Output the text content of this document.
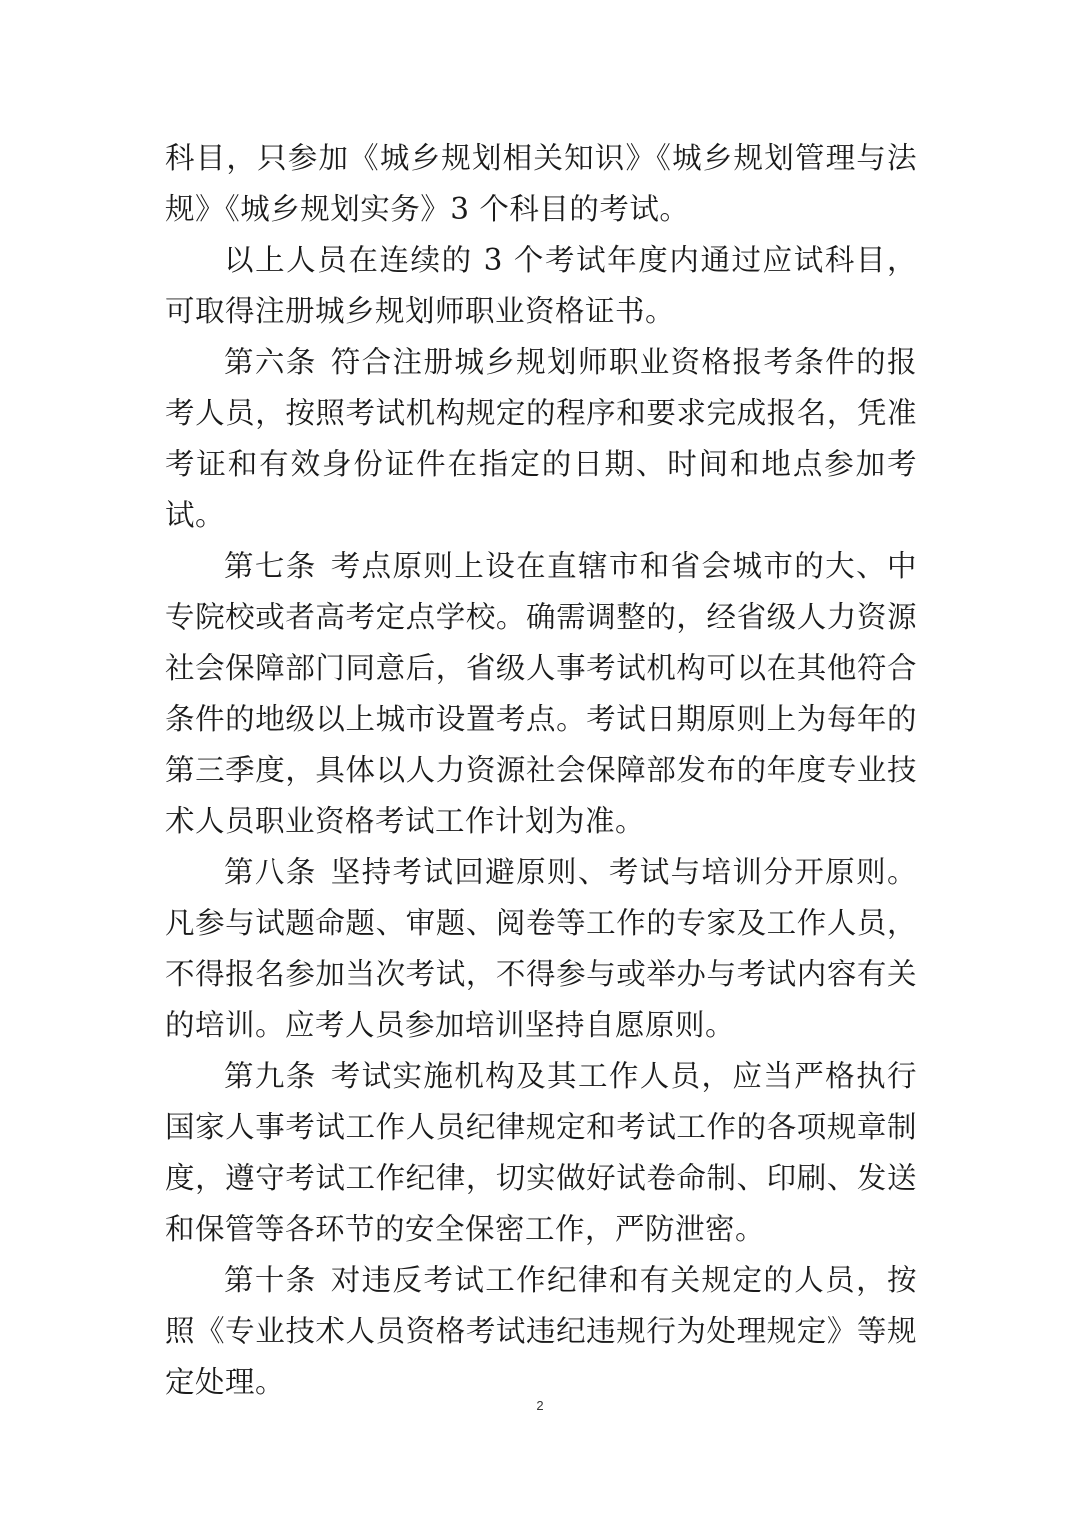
科目，只参加《城乡规划相关知识》《城乡规划管理与法规》《城乡规划实务》3 个科目的考试。

以上人员在连续的 3 个考试年度内通过应试科目，可取得注册城乡规划师职业资格证书。

第六条 符合注册城乡规划师职业资格报考条件的报考人员，按照考试机构规定的程序和要求完成报名，凭准考证和有效身份证件在指定的日期、时间和地点参加考试。

第七条 考点原则上设在直辖市和省会城市的大、中专院校或者高考定点学校。确需调整的，经省级人力资源社会保障部门同意后，省级人事考试机构可以在其他符合条件的地级以上城市设置考点。考试日期原则上为每年的第三季度，具体以人力资源社会保障部发布的年度专业技术人员职业资格考试工作计划为准。

第八条 坚持考试回避原则、考试与培训分开原则。凡参与试题命题、审题、阅卷等工作的专家及工作人员，不得报名参加当次考试，不得参与或举办与考试内容有关的培训。应考人员参加培训坚持自愿原则。

第九条 考试实施机构及其工作人员，应当严格执行国家人事考试工作人员纪律规定和考试工作的各项规章制度，遵守考试工作纪律，切实做好试卷命制、印刷、发送和保管等各环节的安全保密工作，严防泄密。

第十条 对违反考试工作纪律和有关规定的人员，按照《专业技术人员资格考试违纪违规行为处理规定》等规定处理。

2
